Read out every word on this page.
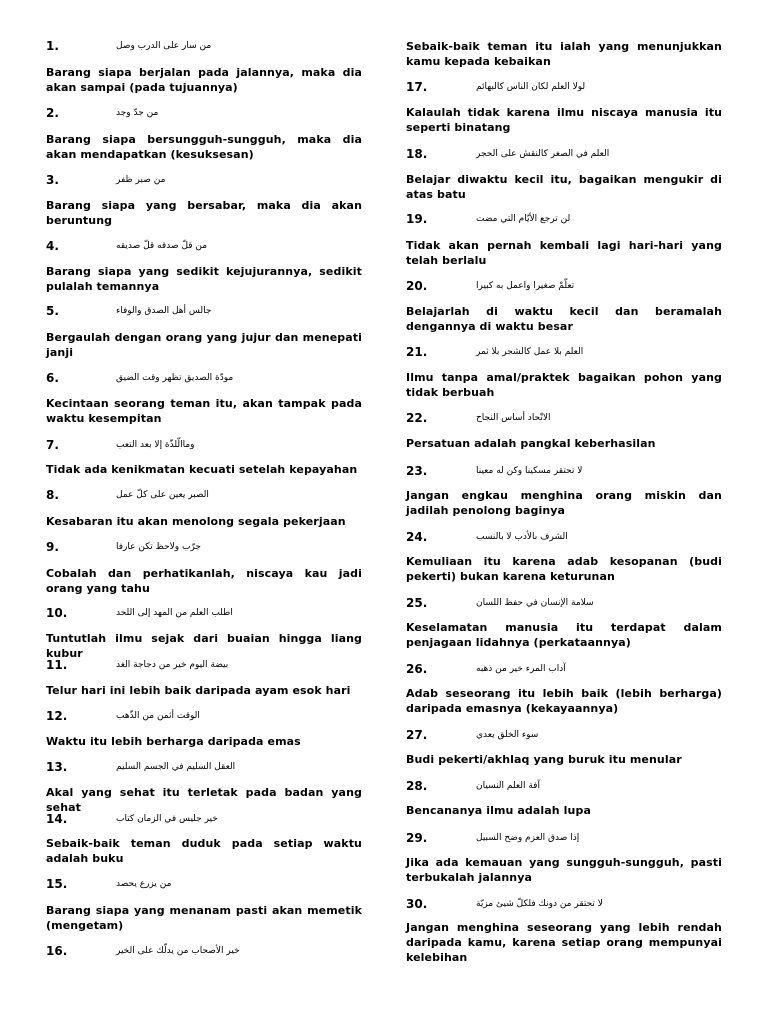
1.	من سار على الدرب وصل
Barang siapa berjalan pada jalannya, maka dia akan sampai (pada tujuannya)
2.	من جدّ وجد
Barang siapa bersungguh-sungguh, maka dia akan mendapatkan (kesuksesan)
3.	من صبر ظفر
Barang siapa yang bersabar, maka dia akan beruntung
4.	من قلّ صدقه قلّ صديقه
Barang siapa yang sedikit kejujurannya, sedikit pulalah temannya
5.	جالس أهل الصدق والوفاء
Bergaulah dengan orang yang jujur dan menepati janji
6.	مودّة الصديق تظهر وقت الضيق
Kecintaan seorang teman itu, akan tampak pada waktu kesempitan
7.	وماالّلذّة إلا بعد التعب
Tidak ada kenikmatan kecuati setelah kepayahan
8.	الصبر يعين على كلّ عمل
Kesabaran itu akan menolong segala pekerjaan
9.	جرّب ولاحظ تكن عارفا
Cobalah dan perhatikanlah, niscaya kau jadi orang yang tahu
10.	اطلب العلم من المهد إلى اللحد
Tuntutlah ilmu sejak dari buaian hingga liang kubur
11.	بيضة اليوم خير من دجاجة الغد
Telur hari ini lebih baik daripada ayam esok hari
12.	الوقت أثمن من الذّهب
Waktu itu lebih berharga daripada emas
13.	العقل السليم في الجسم السليم
Akal yang sehat itu terletak pada badan yang sehat
14.	خير جليس في الزمان كتاب
Sebaik-baik teman duduk pada setiap waktu adalah buku
15.	من يزرع يحصد
Barang siapa yang menanam pasti akan memetik (mengetam)
16.	خير الأصحاب من يدلّك على الخير
Sebaik-baik teman itu ialah yang menunjukkan kamu kepada kebaikan
17.	لولا العلم لكان الناس كالبهائم
Kalaulah tidak karena ilmu niscaya manusia itu seperti binatang
18.	العلم في الصغر كالنقش على الحجر
Belajar diwaktu kecil itu, bagaikan mengukir di atas batu
19.	لن ترجع الأيّام التي مضت
Tidak akan pernah kembali lagi hari-hari yang telah berlalu
20.	تعلّمْ صغيرا واعمل به كبيرا
Belajarlah di waktu kecil dan beramalah dengannya di waktu besar
21.	العلم بلا عمل كالشجر بلا ثمر
Ilmu tanpa amal/praktek bagaikan pohon yang tidak berbuah
22.	الاتّحاد أساس النجاح
Persatuan adalah pangkal keberhasilan
23.	لا تحتقر مسكينا وكن له معينا
Jangan engkau menghina orang miskin dan jadilah penolong baginya
24.	الشرف بالأدب لا بالنسب
Kemuliaan itu karena adab kesopanan (budi pekerti) bukan karena keturunan
25.	سلامة الإنسان في حفظ اللسان
Keselamatan manusia itu terdapat dalam penjagaan lidahnya (perkataannya)
26.	آداب المرء خير من ذهبه
Adab seseorang itu lebih baik (lebih berharga) daripada emasnya (kekayaannya)
27.	سوء الخلق يعدي
Budi pekerti/akhlaq yang buruk itu menular
28.	آفة العلم النسيان
Bencananya ilmu adalah lupa
29.	إذا صدق العزم وضح السبيل
Jika ada kemauan yang sungguh-sungguh, pasti terbukalah jalannya
30.	لا تحتقر من دونك فلكلّ شيئ مزيّة
Jangan menghina seseorang yang lebih rendah daripada kamu, karena setiap orang mempunyai kelebihan
